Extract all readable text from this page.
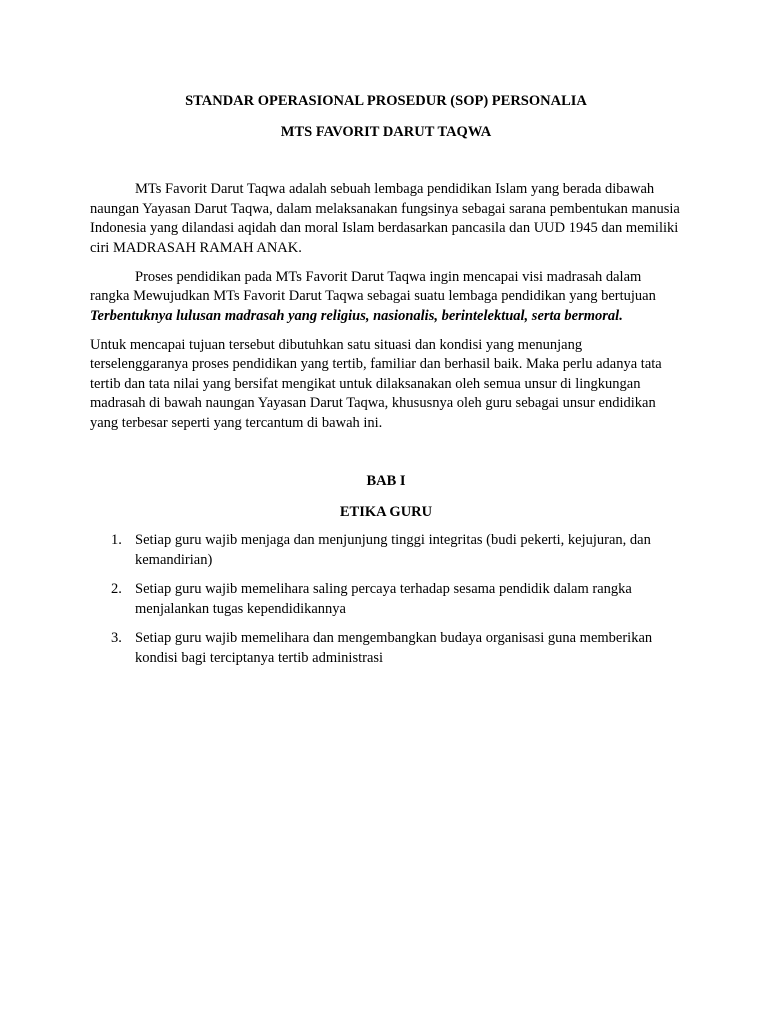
STANDAR OPERASIONAL PROSEDUR (SOP) PERSONALIA

MTS FAVORIT DARUT TAQWA

MTs Favorit Darut Taqwa adalah sebuah lembaga pendidikan Islam yang berada dibawah naungan Yayasan Darut Taqwa, dalam melaksanakan fungsinya sebagai sarana pembentukan manusia Indonesia yang dilandasi aqidah dan moral Islam berdasarkan pancasila dan UUD 1945 dan memiliki ciri MADRASAH RAMAH ANAK.

Proses pendidikan pada MTs Favorit Darut Taqwa ingin mencapai visi madrasah dalam rangka Mewujudkan MTs Favorit Darut Taqwa sebagai suatu lembaga pendidikan yang bertujuan Terbentuknya lulusan madrasah yang religius, nasionalis, berintelektual, serta bermoral.

Untuk mencapai tujuan tersebut dibutuhkan satu situasi dan kondisi yang menunjang terselenggaranya proses pendidikan yang tertib, familiar dan berhasil baik. Maka perlu adanya tata tertib dan tata nilai yang bersifat mengikat untuk dilaksanakan oleh semua unsur di lingkungan madrasah di bawah naungan Yayasan Darut Taqwa, khususnya oleh guru sebagai unsur endidikan yang terbesar seperti yang tercantum di bawah ini.

BAB I

ETIKA GURU

1. Setiap guru wajib menjaga dan menjunjung tinggi integritas (budi pekerti, kejujuran, dan kemandirian)
2. Setiap guru wajib memelihara saling percaya terhadap sesama pendidik dalam rangka menjalankan tugas kependidikannya
3. Setiap guru wajib memelihara dan mengembangkan budaya organisasi guna memberikan kondisi bagi terciptanya tertib administrasi
